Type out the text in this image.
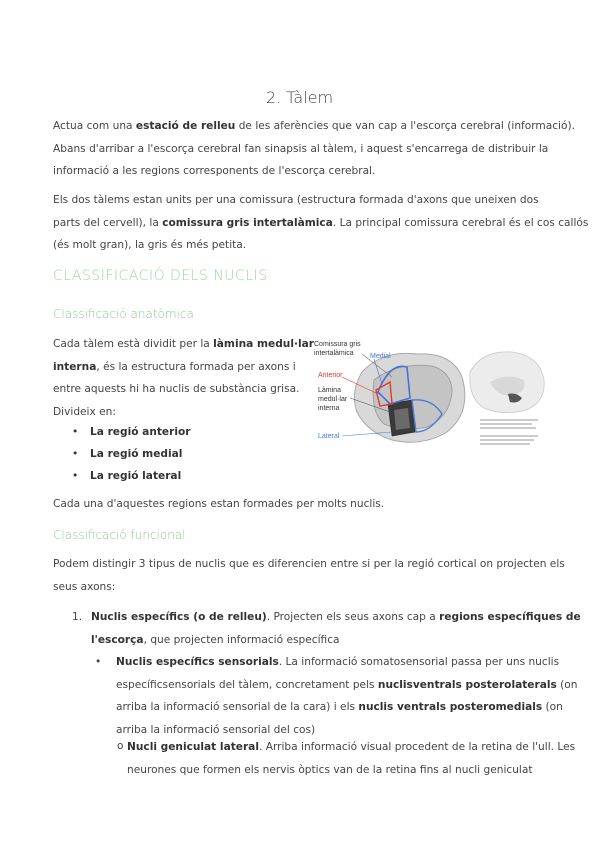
2. Tàlem
Actua com una estació de relleu de les aferències que van cap a l'escorça cerebral (informació).
Abans d'arribar a l'escorça cerebral fan sinapsis al tàlem, i aquest s'encarrega de distribuir la
informació a les regions corresponents de l'escorça cerebral.
Els dos tàlems estan units per una comissura (estructura formada d'axons que uneixen dos
parts del cervell), la comissura gris intertalàmica. La principal comissura cerebral és el cos callós
(és molt gran), la gris és més petita.
CLASSIFICACIÓ DELS NUCLIS
Classificació anatòmica
Cada tàlem està dividit per la làmina medul·lar
interna, és la estructura formada per axons i
entre aquests hi ha nuclis de substància grisa.
Divideix en:
• La regió anterior
• La regió medial
• La regió lateral
Cada una d'aquestes regions estan formades per molts nuclis.
Comissura gris
intertalàmica Medial
Anterior
Làmina
medul·lar
interna
Lateral
Classificació funcional
Podem distingir 3 tipus de nuclis que es diferencien entre si per la regió cortical on projecten els
seus axons:
1. Nuclis específics (o de relleu). Projecten els seus axons cap a regions específiques de
l'escorça, que projecten informació específica
• Nuclis específics sensorials. La informació somatosensorial passa per uns nuclis
específicsensorials del tàlem, concretament pels nuclisventrals posterolaterals (on
arriba la informació sensorial de la cara) i els nuclis ventrals posteromedials (on
arriba la informació sensorial del cos)
o Nucli geniculat lateral. Arriba informació visual procedent de la retina de l'ull. Les
neurones que formen els nervis òptics van de la retina fins al nucli geniculat
